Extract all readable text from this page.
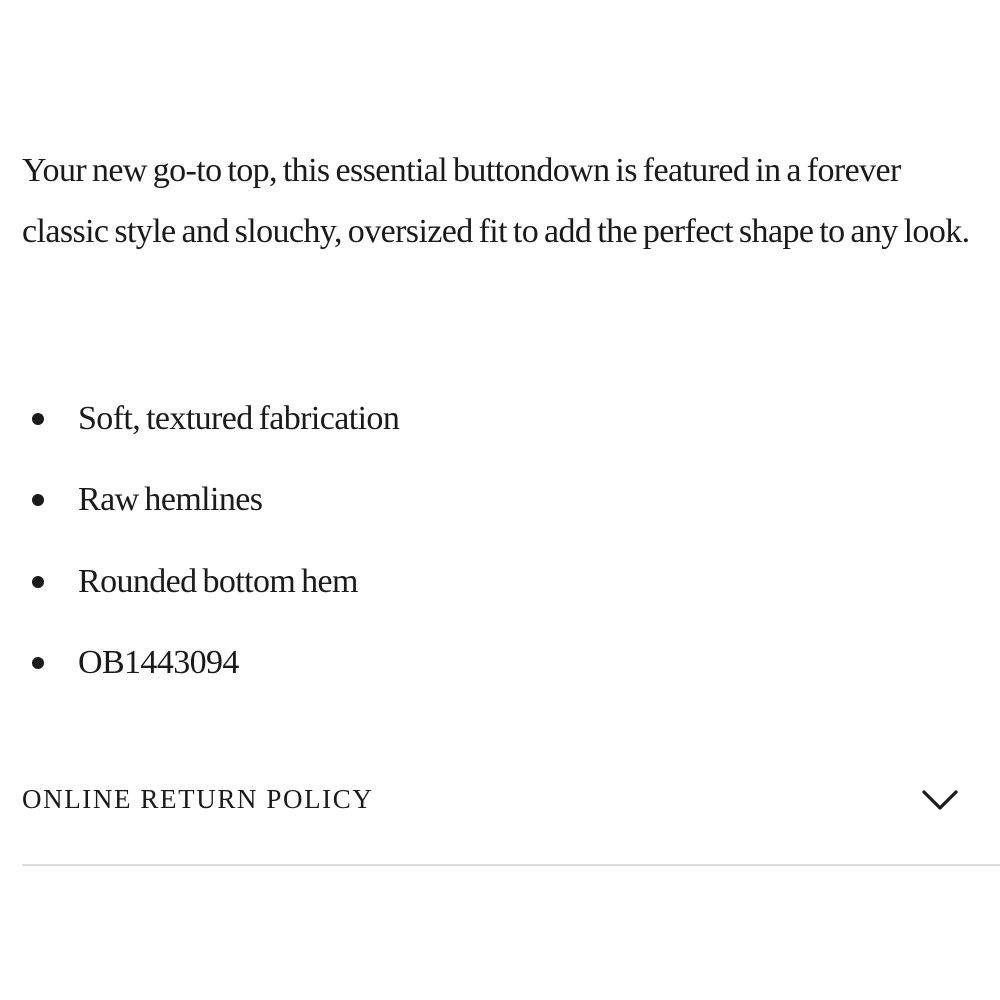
Your new go-to top, this essential buttondown is featured in a forever classic style and slouchy, oversized fit to add the perfect shape to any look.

Soft, textured fabrication
Raw hemlines
Rounded bottom hem
OB1443094
ONLINE RETURN POLICY
